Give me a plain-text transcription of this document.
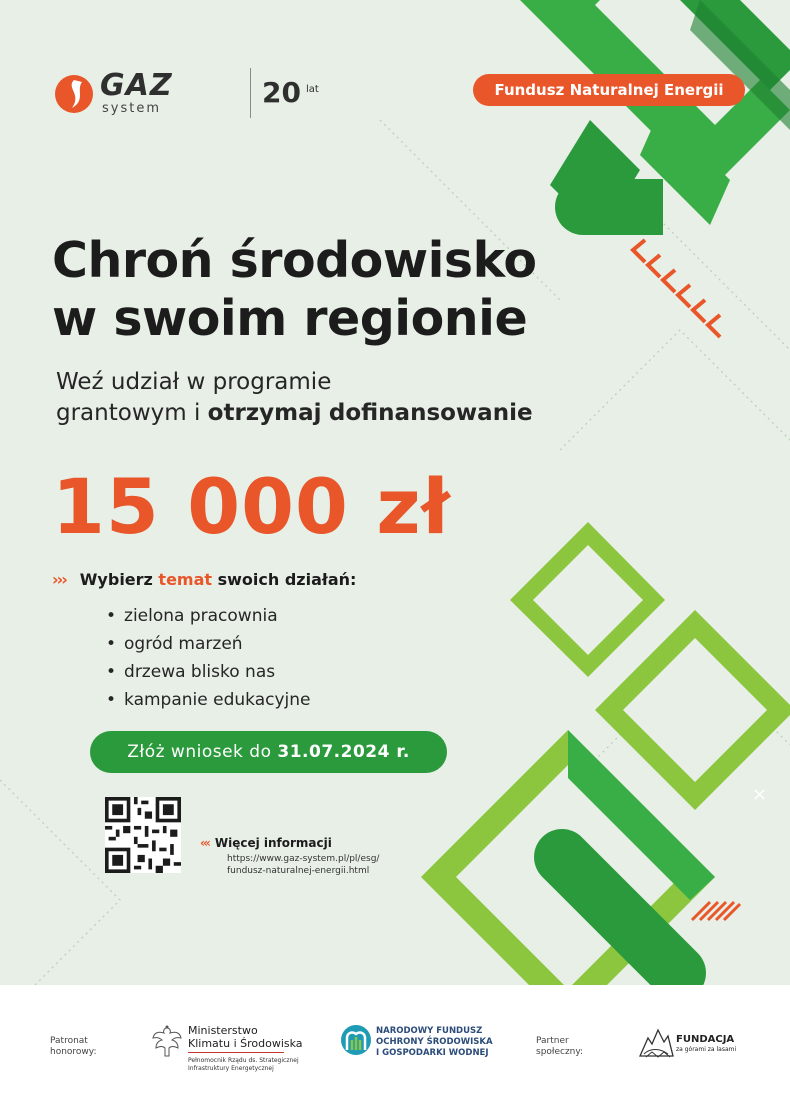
×
GAZ
system	20 lat	Fundusz Naturalnej Energii
Chroń środowisko
w swoim regionie
Weź udział w programie
grantowym i otrzymaj dofinansowanie
15 000 zł
››› Wybierz temat swoich działań:
• zielona pracownia
• ogród marzeń
• drzewa blisko nas
• kampanie edukacyjne
Złóż wniosek do 31.07.2024 r.
‹‹‹ Więcej informacji
https://www.gaz-system.pl/pl/esg/
fundusz-naturalnej-energii.html
Patronat
honorowy:
Ministerstwo
Klimatu i Środowiska
Pełnomocnik Rządu ds. Strategicznej
Infrastruktury Energetycznej
NARODOWY FUNDUSZ
OCHRONY ŚRODOWISKA
I GOSPODARKI WODNEJ
Partner
społeczny:
FUNDACJA
za górami za lasami
